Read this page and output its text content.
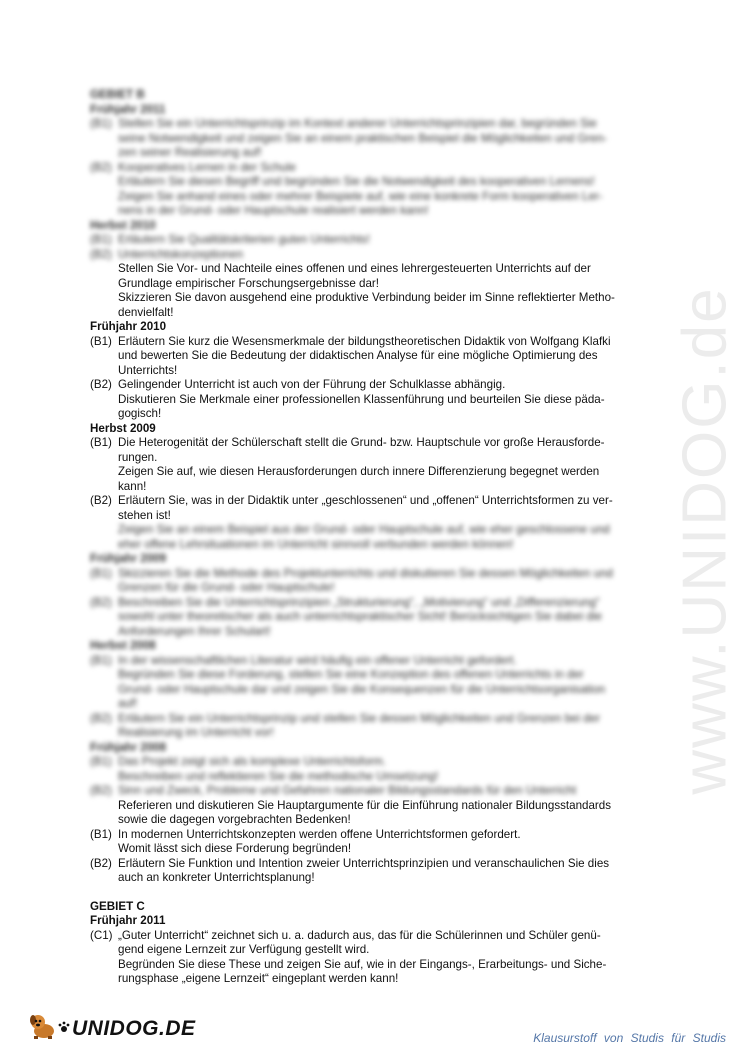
www.UNIDOG.de
GEBIET B
Frühjahr 2011
(B1) Stellen Sie ein Unterrichtsprinzip im Kontext anderer Unterrichtsprinzipien dar, begründen Sie
seine Notwendigkeit und zeigen Sie an einem praktischen Beispiel die Möglichkeiten und Gren-
zen seiner Realisierung auf!
(B2) Kooperatives Lernen in der Schule
Erläutern Sie diesen Begriff und begründen Sie die Notwendigkeit des kooperativen Lernens!
Zeigen Sie anhand eines oder mehrer Beispiele auf, wie eine konkrete Form kooperativen Ler-
nens in der Grund- oder Hauptschule realisiert werden kann!
Herbst 2010
(B1) Erläutern Sie Qualitätskriterien guten Unterrichts!
(B2) Unterrichtskonzeptionen
Stellen Sie Vor- und Nachteile eines offenen und eines lehrergesteuerten Unterrichts auf der
Grundlage empirischer Forschungsergebnisse dar!
Skizzieren Sie davon ausgehend eine produktive Verbindung beider im Sinne reflektierter Metho-
denvielfalt!
Frühjahr 2010
(B1) Erläutern Sie kurz die Wesensmerkmale der bildungstheoretischen Didaktik von Wolfgang Klafki
und bewerten Sie die Bedeutung der didaktischen Analyse für eine mögliche Optimierung des
Unterrichts!
(B2) Gelingender Unterricht ist auch von der Führung der Schulklasse abhängig.
Diskutieren Sie Merkmale einer professionellen Klassenführung und beurteilen Sie diese päda-
gogisch!
Herbst 2009
(B1) Die Heterogenität der Schülerschaft stellt die Grund- bzw. Hauptschule vor große Herausforde-
rungen.
Zeigen Sie auf, wie diesen Herausforderungen durch innere Differenzierung begegnet werden
kann!
(B2) Erläutern Sie, was in der Didaktik unter „geschlossenen“ und „offenen“ Unterrichtsformen zu ver-
stehen ist!
Zeigen Sie an einem Beispiel aus der Grund- oder Hauptschule auf, wie eher geschlossene und
eher offene Lehrsituationen im Unterricht sinnvoll verbunden werden können!
Frühjahr 2009
(B1) Skizzieren Sie die Methode des Projektunterrichts und diskutieren Sie dessen Möglichkeiten und
Grenzen für die Grund- oder Hauptschule!
(B2) Beschreiben Sie die Unterrichtsprinzipien „Strukturierung“, „Motivierung“ und „Differenzierung“
sowohl unter theoretischer als auch unterrichtspraktischer Sicht! Berücksichtigen Sie dabei die
Anforderungen Ihrer Schulart!
Herbst 2008
(B1) In der wissenschaftlichen Literatur wird häufig ein offener Unterricht gefordert.
Begründen Sie diese Forderung, stellen Sie eine Konzeption des offenen Unterrichts in der
Grund- oder Hauptschule dar und zeigen Sie die Konsequenzen für die Unterrichtsorganisation
auf!
(B2) Erläutern Sie ein Unterrichtsprinzip und stellen Sie dessen Möglichkeiten und Grenzen bei der
Realisierung im Unterricht vor!
Frühjahr 2008
(B1) Das Projekt zeigt sich als komplexe Unterrichtsform.
Beschreiben und reflektieren Sie die methodische Umsetzung!
(B2) Sinn und Zweck, Probleme und Gefahren nationaler Bildungsstandards für den Unterricht
Referieren und diskutieren Sie Hauptargumente für die Einführung nationaler Bildungsstandards
sowie die dagegen vorgebrachten Bedenken!
(B1) In modernen Unterrichtskonzepten werden offene Unterrichtsformen gefordert.
Womit lässt sich diese Forderung begründen!
(B2) Erläutern Sie Funktion und Intention zweier Unterrichtsprinzipien und veranschaulichen Sie dies
auch an konkreter Unterrichtsplanung!
GEBIET C
Frühjahr 2011
(C1) „Guter Unterricht“ zeichnet sich u. a. dadurch aus, das für die Schülerinnen und Schüler genü-
gend eigene Lernzeit zur Verfügung gestellt wird.
Begründen Sie diese These und zeigen Sie auf, wie in der Eingangs-, Erarbeitungs- und Siche-
rungsphase „eigene Lernzeit“ eingeplant werden kann!
UNIDOG.DE	Klausurstoff von Studis für Studis
